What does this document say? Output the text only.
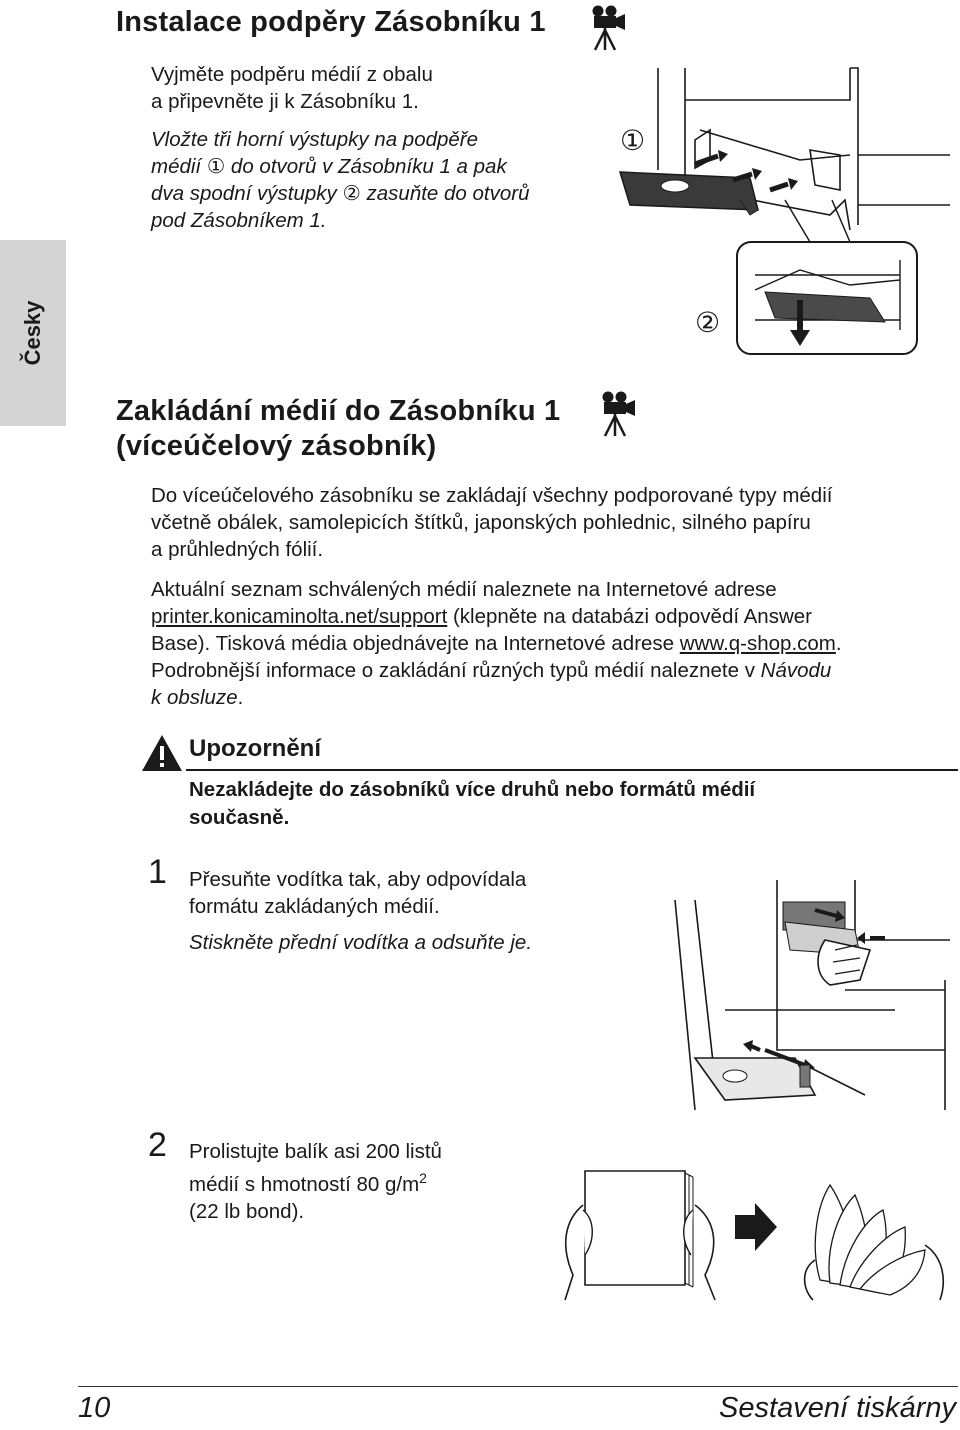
Česky
Instalace podpěry Zásobníku 1
Vyjměte podpěru médií z obalu
a připevněte ji k Zásobníku 1.
Vložte tři horní výstupky na podpěře
médií ① do otvorů v Zásobníku 1 a pak
dva spodní výstupky ② zasuňte do otvorů
pod Zásobníkem 1.
①
②
Zakládání médií do Zásobníku 1
(víceúčelový zásobník)
Do víceúčelového zásobníku se zakládají všechny podporované typy médií
včetně obálek, samolepicích štítků, japonských pohlednic, silného papíru
a průhledných fólií.
Aktuální seznam schválených médií naleznete na Internetové adrese
printer.konicaminolta.net/support (klepněte na databázi odpovědí Answer
Base). Tisková média objednávejte na Internetové adrese www.q-shop.com.
Podrobnější informace o zakládání různých typů médií naleznete v Návodu
k obsluze.
Upozornění
Nezakládejte do zásobníků více druhů nebo formátů médií
současně.
1 Přesuňte vodítka tak, aby odpovídala
formátu zakládaných médií.
Stiskněte přední vodítka a odsuňte je.
2 Prolistujte balík asi 200 listů
médií s hmotností 80 $g/m^2$
(22 lb bond).
10	Sestavení tiskárny
